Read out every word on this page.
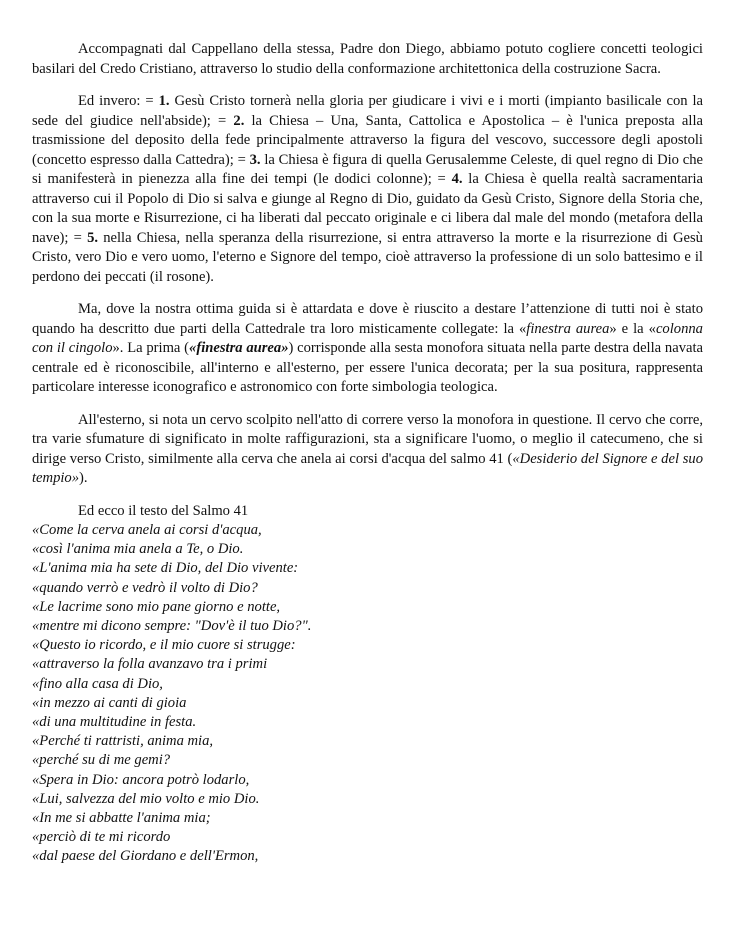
Accompagnati dal Cappellano della stessa, Padre don Diego, abbiamo potuto cogliere concetti teologici basilari del Credo Cristiano, attraverso lo studio della conformazione architettonica della costruzione Sacra.

Ed invero: = 1. Gesù Cristo tornerà nella gloria per giudicare i vivi e i morti (impianto basilicale con la sede del giudice nell'abside); = 2. la Chiesa – Una, Santa, Cattolica e Apostolica – è l'unica preposta alla trasmissione del deposito della fede principalmente attraverso la figura del vescovo, successore degli apostoli (concetto espresso dalla Cattedra); = 3. la Chiesa è figura di quella Gerusalemme Celeste, di quel regno di Dio che si manifesterà in pienezza alla fine dei tempi (le dodici colonne); = 4. la Chiesa è quella realtà sacramentaria attraverso cui il Popolo di Dio si salva e giunge al Regno di Dio, guidato da Gesù Cristo, Signore della Storia che, con la sua morte e Risurrezione, ci ha liberati dal peccato originale e ci libera dal male del mondo (metafora della nave); = 5. nella Chiesa, nella speranza della risurrezione, si entra attraverso la morte e la risurrezione di Gesù Cristo, vero Dio e vero uomo, l'eterno e Signore del tempo, cioè attraverso la professione di un solo battesimo e il perdono dei peccati (il rosone).

Ma, dove la nostra ottima guida si è attardata e dove è riuscito a destare l’attenzione di tutti noi è stato quando ha descritto due parti della Cattedrale tra loro misticamente collegate: la «finestra aurea» e la «colonna con il cingolo». La prima («finestra aurea») corrisponde alla sesta monofora situata nella parte destra della navata centrale ed è riconoscibile, all'interno e all'esterno, per essere l'unica decorata; per la sua positura, rappresenta particolare interesse iconografico e astronomico con forte simbologia teologica.

All'esterno, si nota un cervo scolpito nell'atto di correre verso la monofora in questione. Il cervo che corre, tra varie sfumature di significato in molte raffigurazioni, sta a significare l'uomo, o meglio il catecumeno, che si dirige verso Cristo, similmente alla cerva che anela ai corsi d'acqua del salmo 41 («Desiderio del Signore e del suo tempio»).

Ed ecco il testo del Salmo 41

«Come la cerva anela ai corsi d'acqua,
«così l'anima mia anela a Te, o Dio.
«L'anima mia ha sete di Dio, del Dio vivente:
«quando verrò e vedrò il volto di Dio?
«Le lacrime sono mio pane giorno e notte,
«mentre mi dicono sempre: "Dov'è il tuo Dio?".
«Questo io ricordo, e il mio cuore si strugge:
«attraverso la folla avanzavo tra i primi
«fino alla casa di Dio,
«in mezzo ai canti di gioia
«di una multitudine in festa.
«Perché ti rattristi, anima mia,
«perché su di me gemi?
«Spera in Dio: ancora potrò lodarlo,
«Lui, salvezza del mio volto e mio Dio.
«In me si abbatte l'anima mia;
«perciò di te mi ricordo
«dal paese del Giordano e dell'Ermon,
